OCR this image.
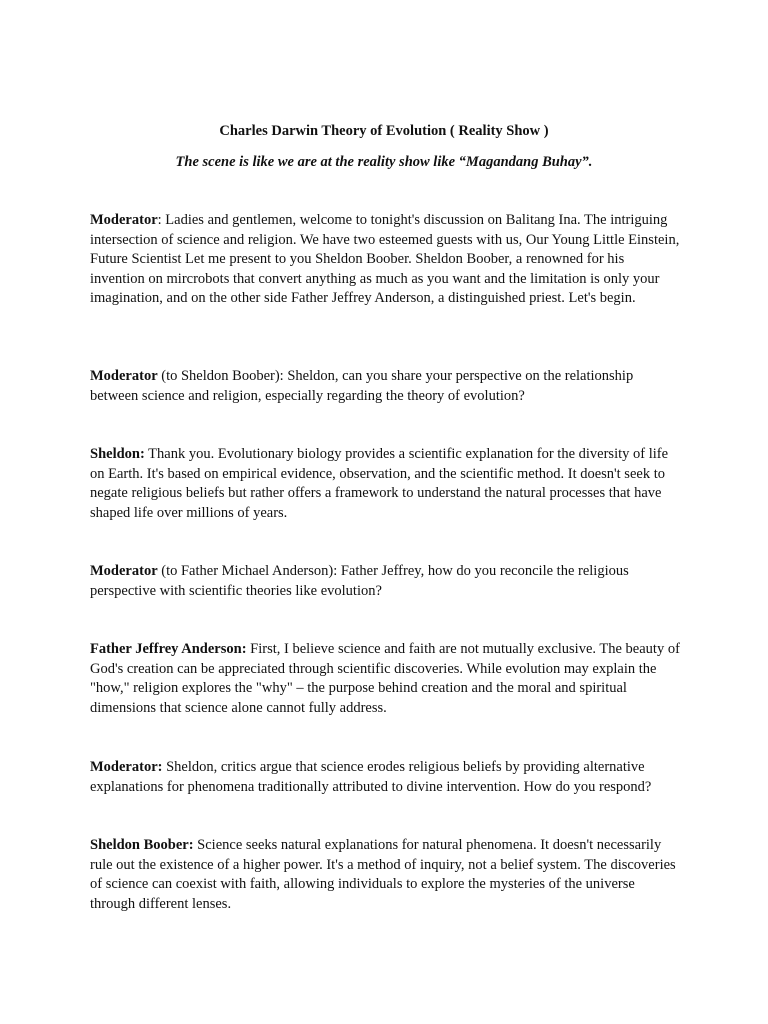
Charles Darwin Theory of Evolution ( Reality Show )

The scene is like we are at the reality show like “Magandang Buhay”.

Moderator: Ladies and gentlemen, welcome to tonight's discussion on Balitang Ina. The intriguing intersection of science and religion. We have two esteemed guests with us, Our Young Little Einstein, Future Scientist Let me present to you Sheldon Boober. Sheldon Boober, a renowned for his invention on mircrobots that convert anything as much as you want and the limitation is only your imagination, and on the other side Father Jeffrey Anderson, a distinguished priest. Let's begin.

Moderator (to Sheldon Boober): Sheldon, can you share your perspective on the relationship between science and religion, especially regarding the theory of evolution?

Sheldon: Thank you. Evolutionary biology provides a scientific explanation for the diversity of life on Earth. It's based on empirical evidence, observation, and the scientific method. It doesn't seek to negate religious beliefs but rather offers a framework to understand the natural processes that have shaped life over millions of years.

Moderator (to Father Michael Anderson): Father Jeffrey, how do you reconcile the religious perspective with scientific theories like evolution?

Father Jeffrey Anderson: First, I believe science and faith are not mutually exclusive. The beauty of God's creation can be appreciated through scientific discoveries. While evolution may explain the "how," religion explores the "why" – the purpose behind creation and the moral and spiritual dimensions that science alone cannot fully address.

Moderator: Sheldon, critics argue that science erodes religious beliefs by providing alternative explanations for phenomena traditionally attributed to divine intervention. How do you respond?

Sheldon Boober: Science seeks natural explanations for natural phenomena. It doesn't necessarily rule out the existence of a higher power. It's a method of inquiry, not a belief system. The discoveries of science can coexist with faith, allowing individuals to explore the mysteries of the universe through different lenses.
